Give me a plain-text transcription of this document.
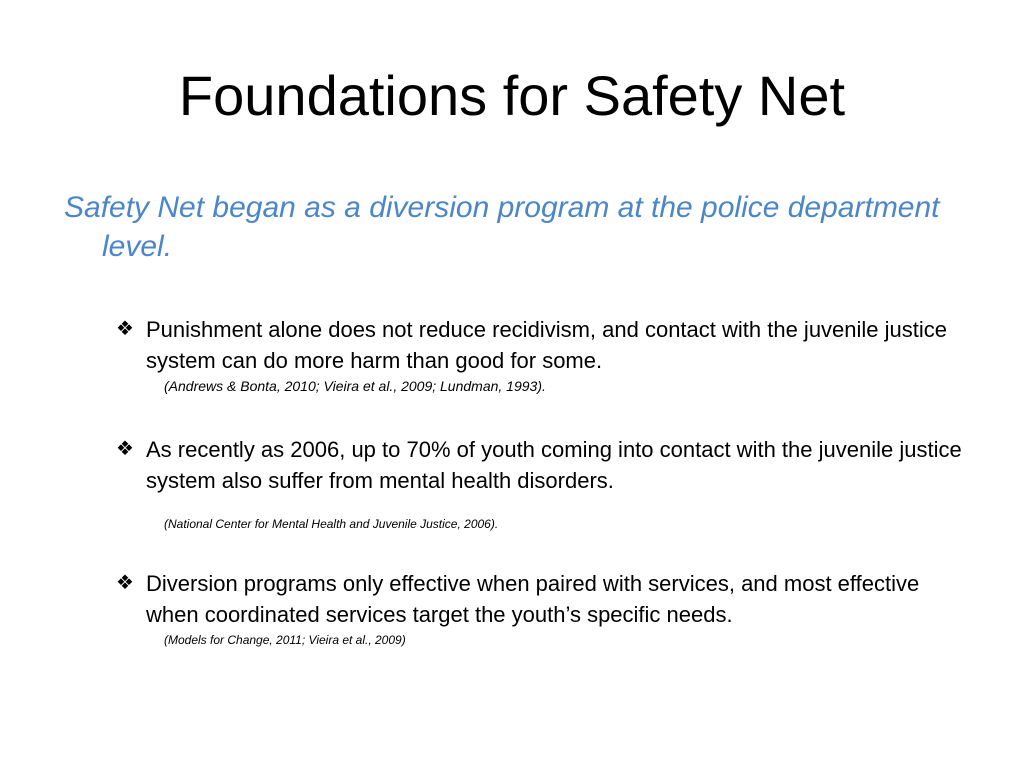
Foundations for Safety Net

Safety Net began as a diversion program at the police department level.

❖ Punishment alone does not reduce recidivism, and contact with the juvenile justice system can do more harm than good for some.

(Andrews & Bonta, 2010; Vieira et al., 2009; Lundman, 1993).

❖ As recently as 2006, up to 70% of youth coming into contact with the juvenile justice system also suffer from mental health disorders.

(National Center for Mental Health and Juvenile Justice, 2006).

❖ Diversion programs only effective when paired with services, and most effective when coordinated services target the youth’s specific needs.

(Models for Change, 2011; Vieira et al., 2009)
